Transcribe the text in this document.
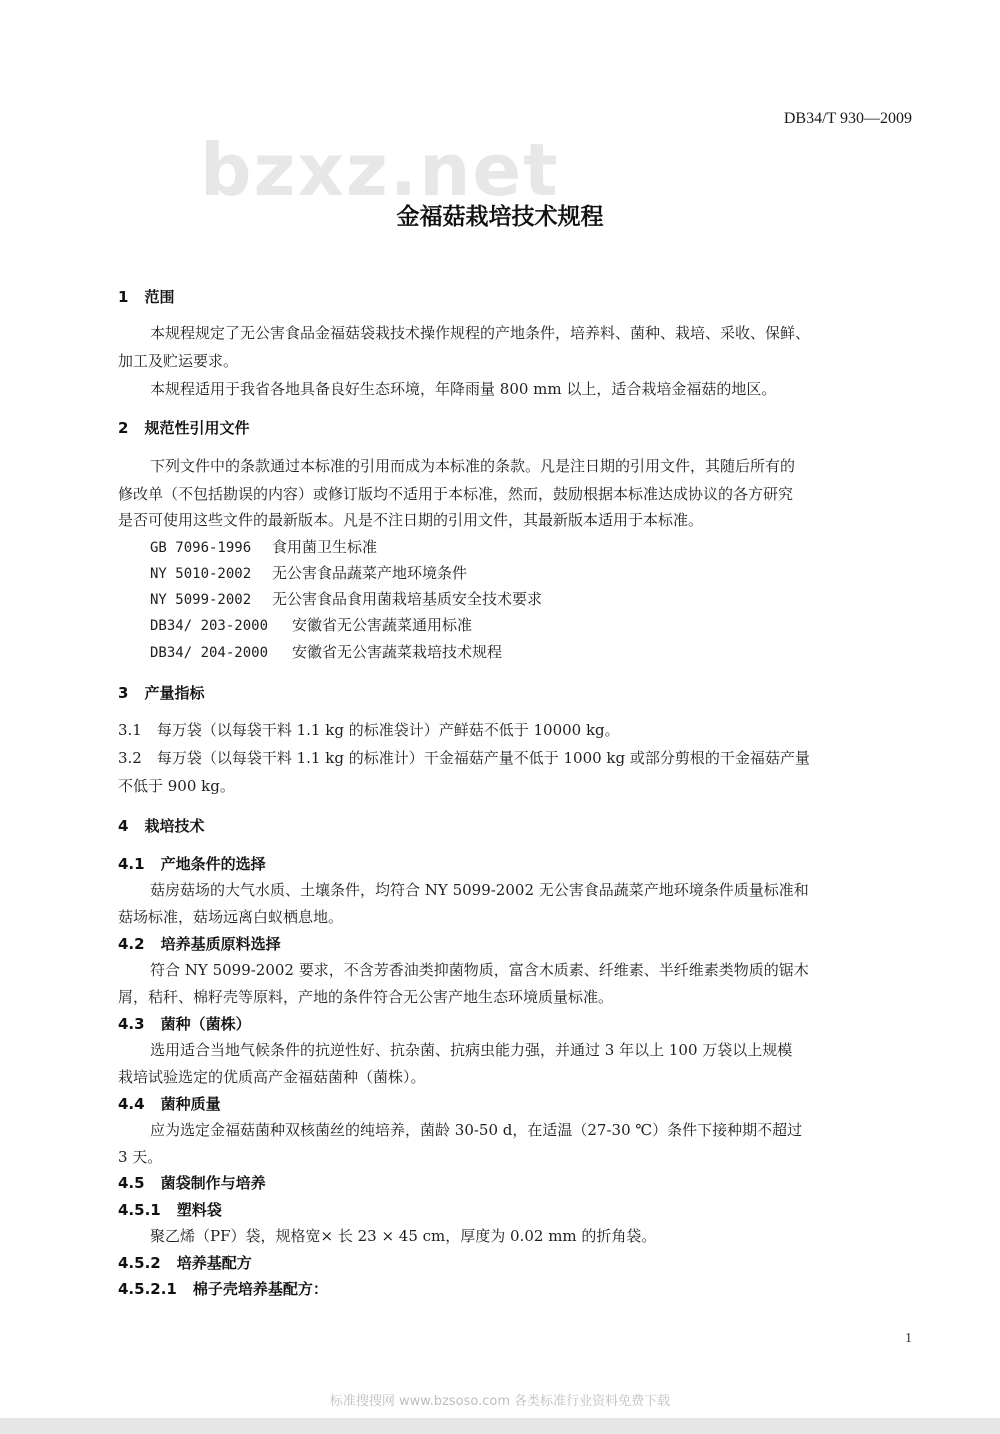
bzxz.net
DB34/T 930—2009
金福菇栽培技术规程
1 范围
本规程规定了无公害食品金福菇袋栽技术操作规程的产地条件，培养料、菌种、栽培、采收、保鲜、
加工及贮运要求。
本规程适用于我省各地具备良好生态环境，年降雨量 800 mm 以上，适合栽培金福菇的地区。
2 规范性引用文件
下列文件中的条款通过本标准的引用而成为本标准的条款。凡是注日期的引用文件，其随后所有的
修改单（不包括勘误的内容）或修订版均不适用于本标准，然而，鼓励根据本标准达成协议的各方研究
是否可使用这些文件的最新版本。凡是不注日期的引用文件，其最新版本适用于本标准。
GB 7096-1996 食用菌卫生标准
NY 5010-2002 无公害食品蔬菜产地环境条件
NY 5099-2002 无公害食品食用菌栽培基质安全技术要求
DB34/ 203-2000 安徽省无公害蔬菜通用标准
DB34/ 204-2000 安徽省无公害蔬菜栽培技术规程
3 产量指标
3.1　每万袋（以每袋干料 1.1 kg 的标准袋计）产鲜菇不低于 10000 kg。
3.2　每万袋（以每袋干料 1.1 kg 的标准计）干金福菇产量不低于 1000 kg 或部分剪根的干金福菇产量
不低于 900 kg。
4 栽培技术
4.1 产地条件的选择
菇房菇场的大气水质、土壤条件，均符合 NY 5099-2002 无公害食品蔬菜产地环境条件质量标准和
菇场标准，菇场远离白蚁栖息地。
4.2 培养基质原料选择
符合 NY 5099-2002 要求，不含芳香油类抑菌物质，富含木质素、纤维素、半纤维素类物质的锯木
屑，秸秆、棉籽壳等原料，产地的条件符合无公害产地生态环境质量标准。
4.3 菌种（菌株）
选用适合当地气候条件的抗逆性好、抗杂菌、抗病虫能力强，并通过 3 年以上 100 万袋以上规模
栽培试验选定的优质高产金福菇菌种（菌株）。
4.4 菌种质量
应为选定金福菇菌种双核菌丝的纯培养，菌龄 30-50 d，在适温（27-30 ℃）条件下接种期不超过
3 天。
4.5 菌袋制作与培养
4.5.1 塑料袋
聚乙烯（PF）袋，规格宽× 长 23 × 45 cm，厚度为 0.02 mm 的折角袋。
4.5.2 培养基配方
4.5.2.1 棉子壳培养基配方：
1
标准搜搜网 www.bzsoso.com 各类标准行业资料免费下载
